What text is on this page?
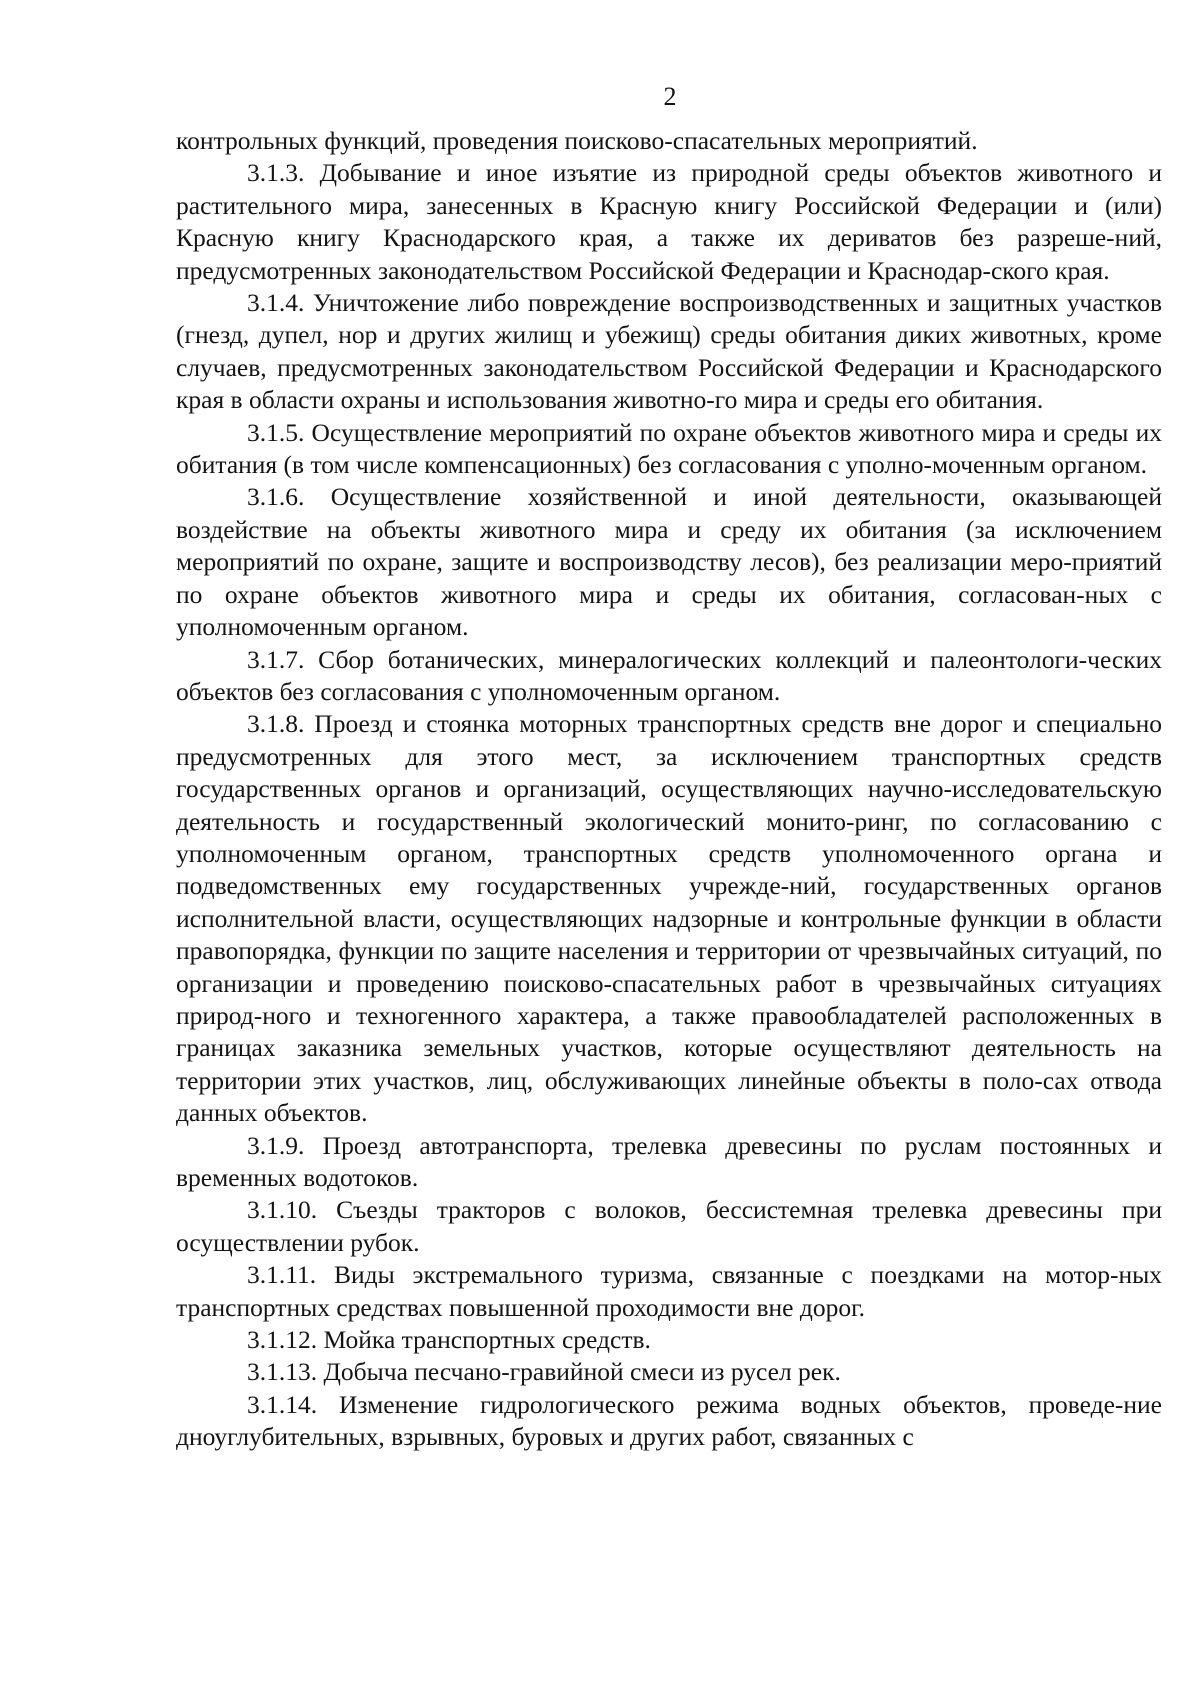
2

контрольных функций, проведения поисково-спасательных мероприятий.

3.1.3. Добывание и иное изъятие из природной среды объектов животного и растительного мира, занесенных в Красную книгу Российской Федерации и (или) Красную книгу Краснодарского края, а также их дериватов без разреше-ний, предусмотренных законодательством Российской Федерации и Краснодар-ского края.

3.1.4. Уничтожение либо повреждение воспроизводственных и защитных участков (гнезд, дупел, нор и других жилищ и убежищ) среды обитания диких животных, кроме случаев, предусмотренных законодательством Российской Федерации и Краснодарского края в области охраны и использования животно-го мира и среды его обитания.

3.1.5. Осуществление мероприятий по охране объектов животного мира и среды их обитания (в том числе компенсационных) без согласования с уполно-моченным органом.

3.1.6. Осуществление хозяйственной и иной деятельности, оказывающей воздействие на объекты животного мира и среду их обитания (за исключением мероприятий по охране, защите и воспроизводству лесов), без реализации меро-приятий по охране объектов животного мира и среды их обитания, согласован-ных с уполномоченным органом.

3.1.7. Сбор ботанических, минералогических коллекций и палеонтологи-ческих объектов без согласования с уполномоченным органом.

3.1.8. Проезд и стоянка моторных транспортных средств вне дорог и специально предусмотренных для этого мест, за исключением транспортных средств государственных органов и организаций, осуществляющих научно-исследовательскую деятельность и государственный экологический монито-ринг, по согласованию с уполномоченным органом, транспортных средств уполномоченного органа и подведомственных ему государственных учрежде-ний, государственных органов исполнительной власти, осуществляющих надзорные и контрольные функции в области правопорядка, функции по защите населения и территории от чрезвычайных ситуаций, по организации и проведению поисково-спасательных работ в чрезвычайных ситуациях природ-ного и техногенного характера, а также правообладателей расположенных в границах заказника земельных участков, которые осуществляют деятельность на территории этих участков, лиц, обслуживающих линейные объекты в поло-сах отвода данных объектов.

3.1.9. Проезд автотранспорта, трелевка древесины по руслам постоянных и временных водотоков.

3.1.10. Съезды тракторов с волоков, бессистемная трелевка древесины при осуществлении рубок.

3.1.11. Виды экстремального туризма, связанные с поездками на мотор-ных транспортных средствах повышенной проходимости вне дорог.

3.1.12. Мойка транспортных средств.

3.1.13. Добыча песчано-гравийной смеси из русел рек.

3.1.14. Изменение гидрологического режима водных объектов, проведе-ние дноуглубительных, взрывных, буровых и других работ, связанных с
